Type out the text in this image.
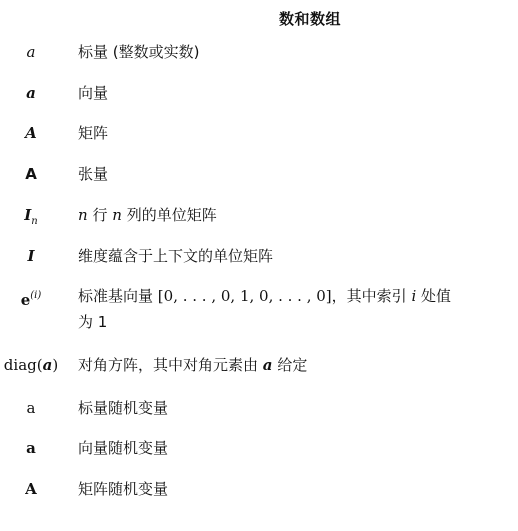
数和数组
a	标量 (整数或实数)
a	向量
A	矩阵
A	张量
$I_n$	n 行 n 列的单位矩阵
I	维度蕴含于上下文的单位矩阵
$e^{(i)}$	标准基向量 [0, . . . , 0, 1, 0, . . . , 0]，其中索引 i 处值
为 1
diag(a) 对角方阵，其中对角元素由 a 给定
a	标量随机变量
a	向量随机变量
A	矩阵随机变量
